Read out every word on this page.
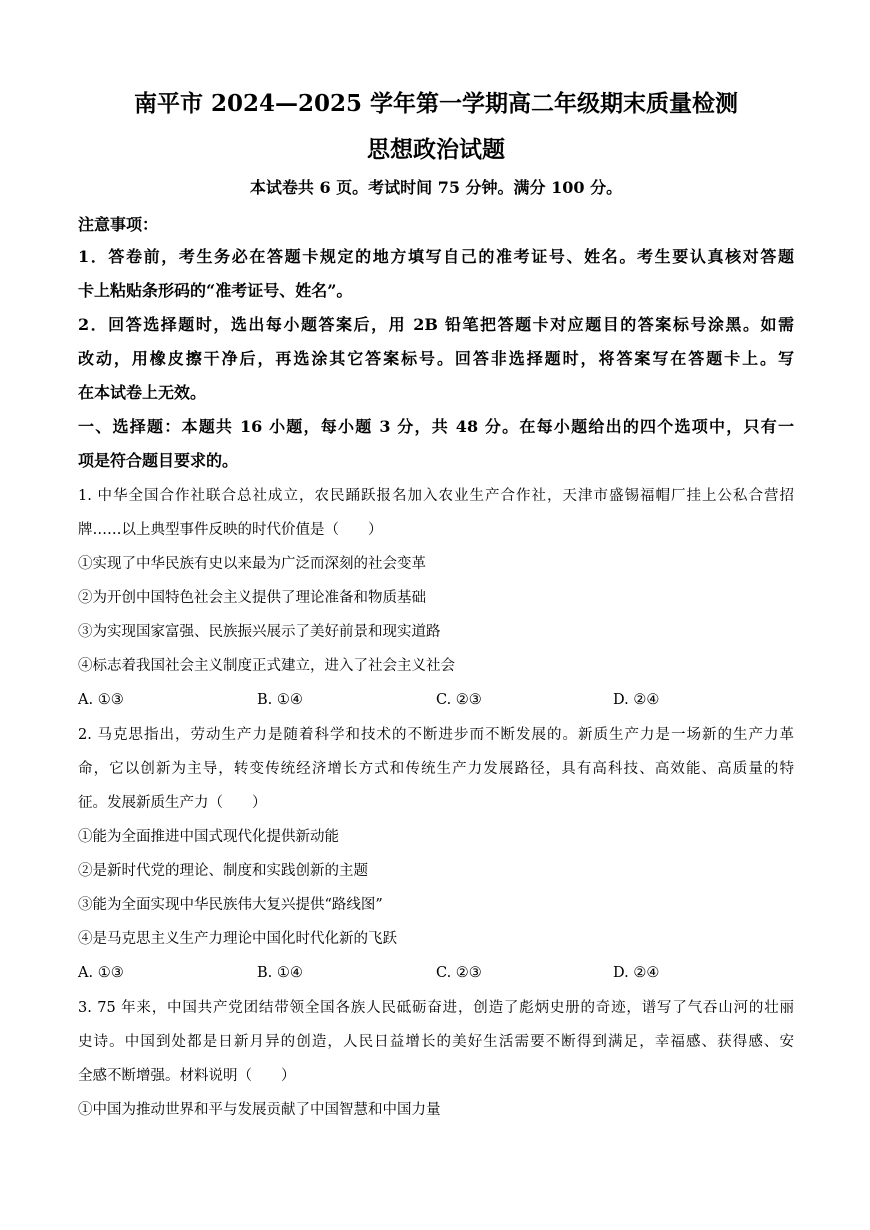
南平市 2024—2025 学年第一学期高二年级期末质量检测
思想政治试题
本试卷共 6 页。考试时间 75 分钟。满分 100 分。
注意事项：
1．答卷前，考生务必在答题卡规定的地方填写自己的准考证号、姓名。考生要认真核对答题
卡上粘贴条形码的“准考证号、姓名”。
2．回答选择题时，选出每小题答案后，用 2B 铅笔把答题卡对应题目的答案标号涂黑。如需
改动，用橡皮擦干净后，再选涂其它答案标号。回答非选择题时，将答案写在答题卡上。写
在本试卷上无效。
一、选择题：本题共 16 小题，每小题 3 分，共 48 分。在每小题给出的四个选项中，只有一
项是符合题目要求的。
1. 中华全国合作社联合总社成立，农民踊跃报名加入农业生产合作社，天津市盛锡福帽厂挂上公私合营招
牌……以上典型事件反映的时代价值是（　　）
①实现了中华民族有史以来最为广泛而深刻的社会变革
②为开创中国特色社会主义提供了理论准备和物质基础
③为实现国家富强、民族振兴展示了美好前景和现实道路
④标志着我国社会主义制度正式建立，进入了社会主义社会
A. ①③	B. ①④	C. ②③	D. ②④
2. 马克思指出，劳动生产力是随着科学和技术的不断进步而不断发展的。新质生产力是一场新的生产力革
命，它以创新为主导，转变传统经济增长方式和传统生产力发展路径，具有高科技、高效能、高质量的特
征。发展新质生产力（　　）
①能为全面推进中国式现代化提供新动能
②是新时代党的理论、制度和实践创新的主题
③能为全面实现中华民族伟大复兴提供“路线图”
④是马克思主义生产力理论中国化时代化新的飞跃
A. ①③	B. ①④	C. ②③	D. ②④
3. 75 年来，中国共产党团结带领全国各族人民砥砺奋进，创造了彪炳史册的奇迹，谱写了气吞山河的壮丽
史诗。中国到处都是日新月异的创造，人民日益增长的美好生活需要不断得到满足，幸福感、获得感、安
全感不断增强。材料说明（　　）
①中国为推动世界和平与发展贡献了中国智慧和中国力量
